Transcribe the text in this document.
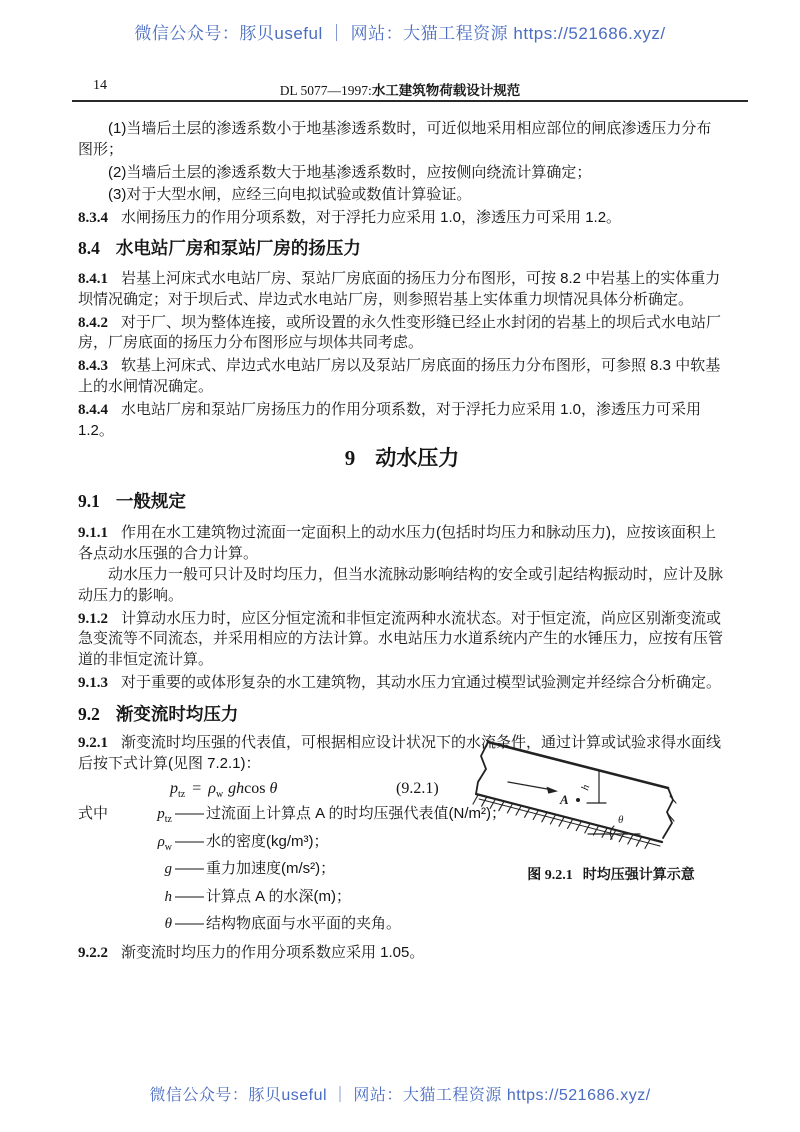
微信公众号：豚贝useful ｜ 网站：大猫工程资源 https://521686.xyz/
14	DL 5077—1997:水工建筑物荷载设计规范

(1)当墙后土层的渗透系数小于地基渗透系数时，可近似地采用相应部位的闸底渗透压力分布图形；

(2)当墙后土层的渗透系数大于地基渗透系数时，应按侧向绕流计算确定；

(3)对于大型水闸，应经三向电拟试验或数值计算验证。

8.3.4 水闸扬压力的作用分项系数，对于浮托力应采用 1.0，渗透压力可采用 1.2。

8.4 水电站厂房和泵站厂房的扬压力

8.4.1 岩基上河床式水电站厂房、泵站厂房底面的扬压力分布图形，可按 8.2 中岩基上的实体重力坝情况确定；对于坝后式、岸边式水电站厂房，则参照岩基上实体重力坝情况具体分析确定。

8.4.2 对于厂、坝为整体连接，或所设置的永久性变形缝已经止水封闭的岩基上的坝后式水电站厂房，厂房底面的扬压力分布图形应与坝体共同考虑。

8.4.3 软基上河床式、岸边式水电站厂房以及泵站厂房底面的扬压力分布图形，可参照 8.3 中软基上的水闸情况确定。

8.4.4 水电站厂房和泵站厂房扬压力的作用分项系数，对于浮托力应采用 1.0，渗透压力可采用 1.2。

9 动水压力
9.1 一般规定

9.1.1 作用在水工建筑物过流面一定面积上的动水压力(包括时均压力和脉动压力)，应按该面积上各点动水压强的合力计算。

动水压力一般可只计及时均压力，但当水流脉动影响结构的安全或引起结构振动时，应计及脉动压力的影响。

9.1.2 计算动水压力时，应区分恒定流和非恒定流两种水流状态。对于恒定流，尚应区别渐变流或急变流等不同流态，并采用相应的方法计算。水电站压力水道系统内产生的水锤压力，应按有压管道的非恒定流计算。

9.1.3 对于重要的或体形复杂的水工建筑物，其动水压力宜通过模型试验测定并经综合分析确定。

9.2 渐变流时均压力

9.2.1 渐变流时均压强的代表值，可根据相应设计状况下的水流条件，通过计算或试验求得水面线后按下式计算(见图 7.2.1)：

$p_{tz} = \rho_w$ ghcos θ	(9.2.1)
式中	$p_{tz}$ —— 过流面上计算点 A 的时均压强代表值(N/m²)；
$\rho_w$ —— 水的密度(kg/m³)；
g —— 重力加速度(m/s²)；
h —— 计算点 A 的水深(m)；
θ —— 结构物底面与水平面的夹角。

9.2.2 渐变流时均压力的作用分项系数应采用 1.05。

A
h
θ
图 9.2.1 时均压强计算示意
微信公众号：豚贝useful ｜ 网站：大猫工程资源 https://521686.xyz/
